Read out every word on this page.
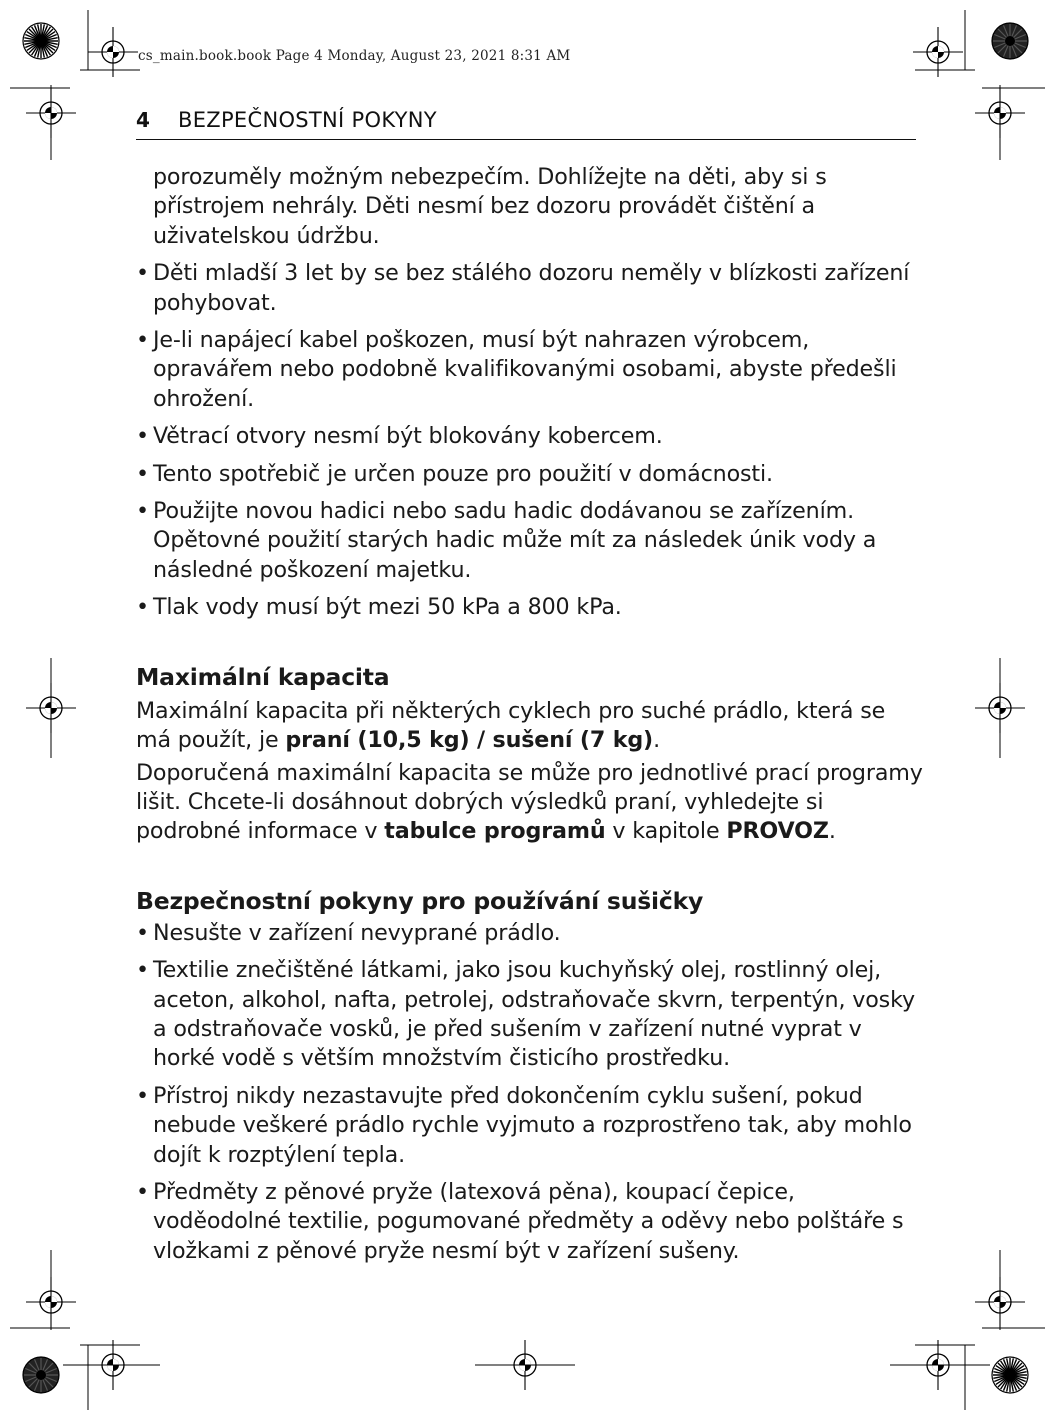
cs_main.book.book Page 4 Monday, August 23, 2021 8:31 AM
4 BEZPEČNOSTNÍ POKYNY

porozuměly možným nebezpečím. Dohlížejte na děti, aby si s přístrojem nehrály. Děti nesmí bez dozoru provádět čištění a uživatelskou údržbu.

• Děti mladší 3 let by se bez stálého dozoru neměly v blízkosti zařízení pohybovat.
• Je-li napájecí kabel poškozen, musí být nahrazen výrobcem, opravářem nebo podobně kvalifikovanými osobami, abyste předešli ohrožení.
• Větrací otvory nesmí být blokovány kobercem.
• Tento spotřebič je určen pouze pro použití v domácnosti.
• Použijte novou hadici nebo sadu hadic dodávanou se zařízením. Opětovné použití starých hadic může mít za následek únik vody a následné poškození majetku.
• Tlak vody musí být mezi 50 kPa a 800 kPa.
Maximální kapacita

Maximální kapacita při některých cyklech pro suché prádlo, která se má použít, je praní (10,5 kg) / sušení (7 kg).

Doporučená maximální kapacita se může pro jednotlivé prací programy lišit. Chcete-li dosáhnout dobrých výsledků praní, vyhledejte si podrobné informace v tabulce programů v kapitole PROVOZ.

Bezpečnostní pokyny pro používání sušičky
• Nesušte v zařízení nevyprané prádlo.
• Textilie znečištěné látkami, jako jsou kuchyňský olej, rostlinný olej, aceton, alkohol, nafta, petrolej, odstraňovače skvrn, terpentýn, vosky a odstraňovače vosků, je před sušením v zařízení nutné vyprat v horké vodě s větším množstvím čisticího prostředku.
• Přístroj nikdy nezastavujte před dokončením cyklu sušení, pokud nebude veškeré prádlo rychle vyjmuto a rozprostřeno tak, aby mohlo dojít k rozptýlení tepla.
• Předměty z pěnové pryže (latexová pěna), koupací čepice, voděodolné textilie, pogumované předměty a oděvy nebo polštáře s vložkami z pěnové pryže nesmí být v zařízení sušeny.
